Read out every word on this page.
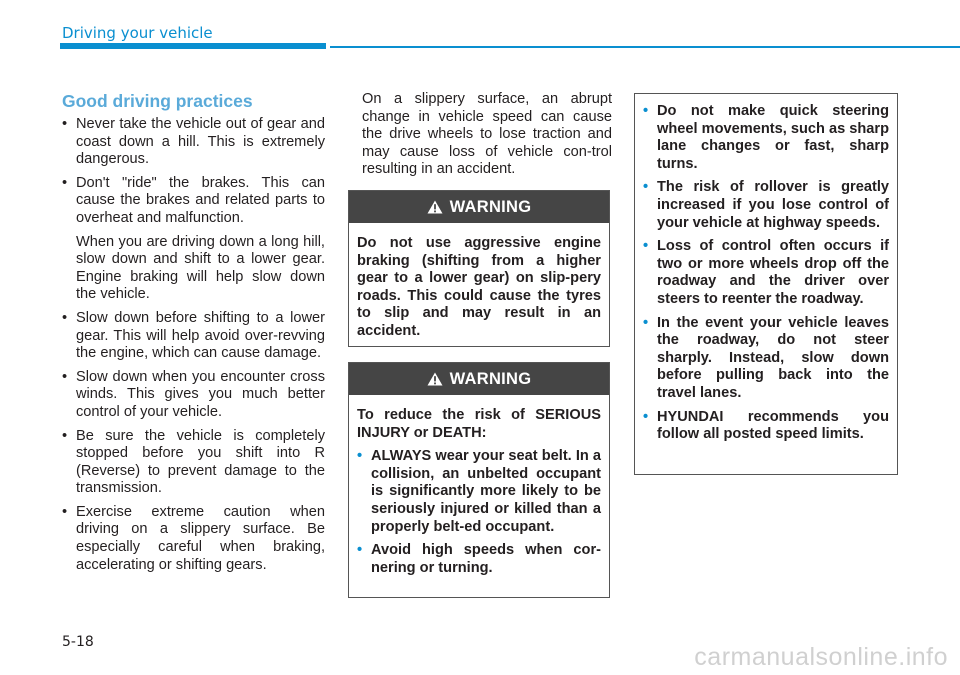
Driving your vehicle
Good driving practices
• Never take the vehicle out of gear and coast down a hill. This is extremely dangerous.

• Don't "ride" the brakes. This can cause the brakes and related parts to overheat and malfunction.

When you are driving down a long hill, slow down and shift to a lower gear. Engine braking will help slow down the vehicle.

• Slow down before shifting to a lower gear. This will help avoid over-revving the engine, which can cause damage.

• Slow down when you encounter cross winds. This gives you much better control of your vehicle.

• Be sure the vehicle is completely stopped before you shift into R (Reverse) to prevent damage to the transmission.

• Exercise extreme caution when driving on a slippery surface. Be especially careful when braking, accelerating or shifting gears.

On a slippery surface, an abrupt change in vehicle speed can cause the drive wheels to lose traction and may cause loss of vehicle con-trol resulting in an accident.

WARNING

Do not use aggressive engine braking (shifting from a higher gear to a lower gear) on slip-pery roads. This could cause the tyres to slip and may result in an accident.

WARNING

To reduce the risk of SERIOUS INJURY or DEATH:

• ALWAYS wear your seat belt. In a collision, an unbelted occupant is significantly more likely to be seriously injured or killed than a properly belt-ed occupant.
• Avoid high speeds when cor-nering or turning.
• Do not make quick steering wheel movements, such as sharp lane changes or fast, sharp turns.
• The risk of rollover is greatly increased if you lose control of your vehicle at highway speeds.
• Loss of control often occurs if two or more wheels drop off the roadway and the driver over steers to reenter the roadway.
• In the event your vehicle leaves the roadway, do not steer sharply. Instead, slow down before pulling back into the travel lanes.
• HYUNDAI recommends you follow all posted speed limits.
5-18
carmanualsonline.info
